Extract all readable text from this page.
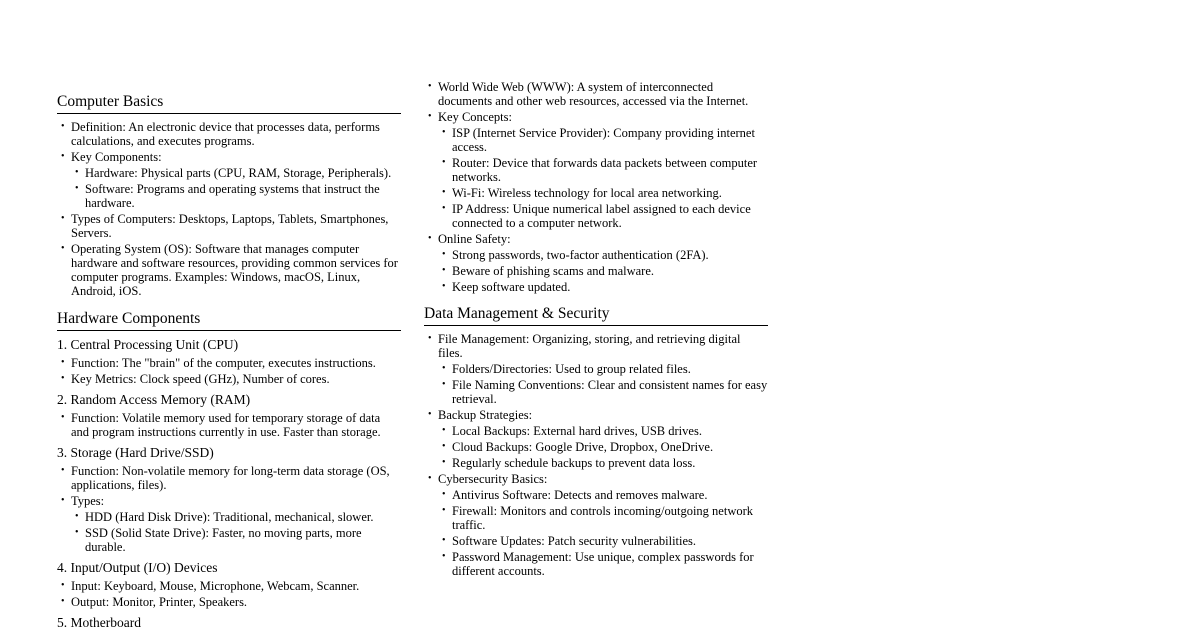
Computer Basics
• Definition: An electronic device that processes data, performs calculations, and executes programs.
• Key Components:
• Hardware: Physical parts (CPU, RAM, Storage, Peripherals).
• Software: Programs and operating systems that instruct the hardware.
• Types of Computers: Desktops, Laptops, Tablets, Smartphones, Servers.
• Operating System (OS): Software that manages computer hardware and software resources, providing common services for computer programs. Examples: Windows, macOS, Linux, Android, iOS.
Hardware Components
1. Central Processing Unit (CPU)
• Function: The "brain" of the computer, executes instructions.
• Key Metrics: Clock speed (GHz), Number of cores.
2. Random Access Memory (RAM)
• Function: Volatile memory used for temporary storage of data and program instructions currently in use. Faster than storage.
3. Storage (Hard Drive/SSD)
• Function: Non-volatile memory for long-term data storage (OS, applications, files).
• Types:
• HDD (Hard Disk Drive): Traditional, mechanical, slower.
• SSD (Solid State Drive): Faster, no moving parts, more durable.
4. Input/Output (I/O) Devices
• Input: Keyboard, Mouse, Microphone, Webcam, Scanner.
• Output: Monitor, Printer, Speakers.
5. Motherboard
• World Wide Web (WWW): A system of interconnected documents and other web resources, accessed via the Internet.
• Key Concepts:
• ISP (Internet Service Provider): Company providing internet access.
• Router: Device that forwards data packets between computer networks.
• Wi-Fi: Wireless technology for local area networking.
• IP Address: Unique numerical label assigned to each device connected to a computer network.
• Online Safety:
• Strong passwords, two-factor authentication (2FA).
• Beware of phishing scams and malware.
• Keep software updated.
Data Management & Security
• File Management: Organizing, storing, and retrieving digital files.
• Folders/Directories: Used to group related files.
• File Naming Conventions: Clear and consistent names for easy retrieval.
• Backup Strategies:
• Local Backups: External hard drives, USB drives.
• Cloud Backups: Google Drive, Dropbox, OneDrive.
• Regularly schedule backups to prevent data loss.
• Cybersecurity Basics:
• Antivirus Software: Detects and removes malware.
• Firewall: Monitors and controls incoming/outgoing network traffic.
• Software Updates: Patch security vulnerabilities.
• Password Management: Use unique, complex passwords for different accounts.
